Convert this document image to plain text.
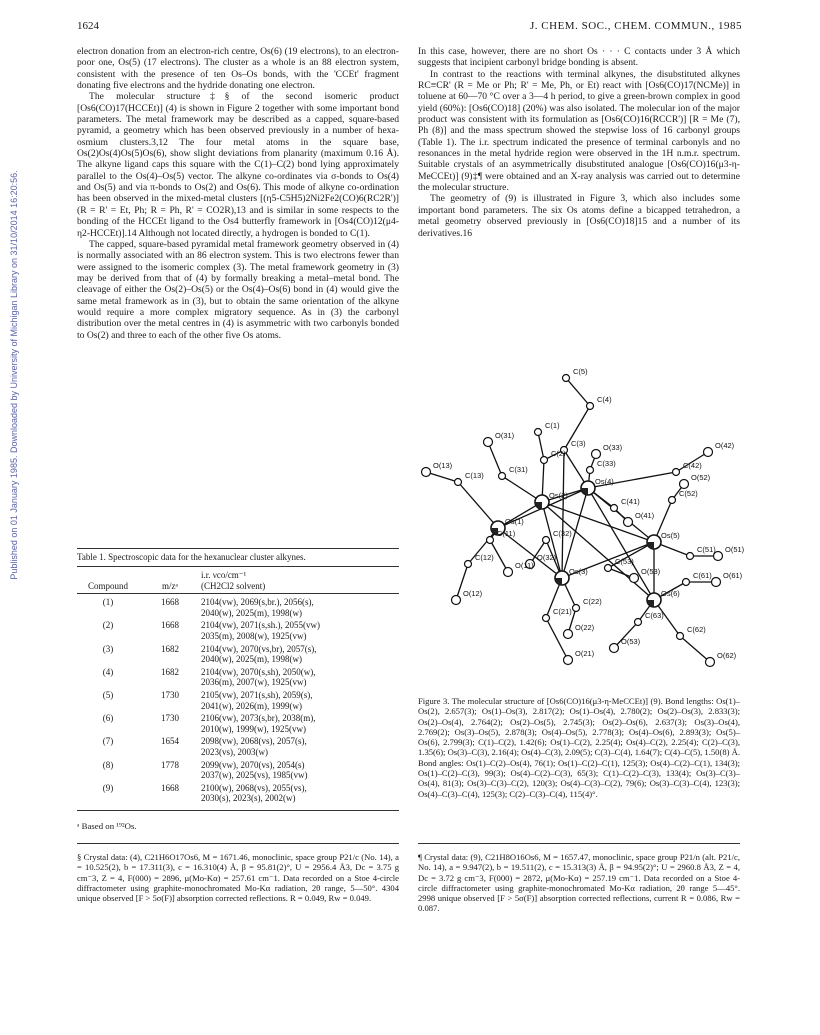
Published on 01 January 1985. Downloaded by University of Michigan Library on 31/10/2014 16:20:56.
1624	J. CHEM. SOC., CHEM. COMMUN., 1985

electron donation from an electron-rich centre, Os(6) (19 electrons), to an electron-poor one, Os(5) (17 electrons). The cluster as a whole is an 88 electron system, consistent with the presence of ten Os–Os bonds, with the 'CCEt' fragment donating five electrons and the hydride donating one electron.

The molecular structure‡§ of the second isomeric product [Os6(CO)17(HCCEt)] (4) is shown in Figure 2 together with some important bond parameters. The metal framework may be described as a capped, square-based pyramid, a geometry which has been observed previously in a number of hexa-osmium clusters.3,12 The four metal atoms in the square base, Os(2)Os(4)Os(5)Os(6), show slight deviations from planarity (maximum 0.16 Å). The alkyne ligand caps this square with the C(1)–C(2) bond lying approximately parallel to the Os(4)–Os(5) vector. The alkyne co-ordinates via σ-bonds to Os(4) and Os(5) and via π-bonds to Os(2) and Os(6). This mode of alkyne co-ordination has been observed in the mixed-metal clusters [(η5-C5H5)2Ni2Fe2(CO)6(RC2R')] (R = R' = Et, Ph; R = Ph, R' = CO2R),13 and is similar in some respects to the bonding of the HCCEt ligand to the Os4 butterfly framework in [Os4(CO)12(μ4-η2-HCCEt)].14 Although not located directly, a hydrogen is bonded to C(1).

The capped, square-based pyramidal metal framework geometry observed in (4) is normally associated with an 86 electron system. This is two electrons fewer than were assigned to the isomeric complex (3). The metal framework geometry in (3) may be derived from that of (4) by formally breaking a metal–metal bond. The cleavage of either the Os(2)–Os(5) or the Os(4)–Os(6) bond in (4) would give the same metal framework as in (3), but to obtain the same orientation of the alkyne would require a more complex migratory sequence. As in (3) the carbonyl distribution over the metal centres in (4) is asymmetric with two carbonyls bonded to Os(2) and three to each of the other five Os atoms.

Table 1. Spectroscopic data for the hexanuclear cluster alkynes.
i.r. νco/cm⁻¹
Compound	m/zᵃ	(CH2Cl2 solvent)
(1)	1668	2104(vw), 2069(s,br.), 2056(s),
2040(w), 2025(m), 1998(w)
(2)	1668	2104(vw), 2071(s,sh.), 2055(vw)
2035(m), 2008(w), 1925(vw)
(3)	1682	2104(vw), 2070(vs,br), 2057(s),
2040(w), 2025(m), 1998(w)
(4)	1682	2104(vw), 2070(s,sh), 2050(w),
2036(m), 2007(w), 1925(vw)
(5)	1730	2105(vw), 2071(s,sh), 2059(s),
2041(w), 2026(m), 1999(w)
(6)	1730	2106(vw), 2073(s,br), 2038(m),
2010(w), 1999(w), 1925(vw)
(7)	1654	2098(vw), 2068(vs), 2057(s),
2023(vs), 2003(w)
(8)	1778	2099(vw), 2070(vs), 2054(s)
2037(w), 2025(vs), 1985(vw)
(9)	1668	2100(w), 2068(vs), 2055(vs),
2030(s), 2023(s), 2002(w)
ᵃ Based on ¹⁹²Os.

In this case, however, there are no short Os · · · C contacts under 3 Å which suggests that incipient carbonyl bridge bonding is absent.

In contrast to the reactions with terminal alkynes, the disubstituted alkynes RC≡CR' (R = Me or Ph; R' = Me, Ph, or Et) react with [Os6(CO)17(NCMe)] in toluene at 60—70 °C over a 3—4 h period, to give a green-brown complex in good yield (60%): [Os6(CO)18] (20%) was also isolated. The molecular ion of the major product was consistent with its formulation as [Os6(CO)16(RCCR')] [R = Me (7), Ph (8)] and the mass spectrum showed the stepwise loss of 16 carbonyl groups (Table 1). The i.r. spectrum indicated the presence of terminal carbonyls and no resonances in the metal hydride region were observed in the 1H n.m.r. spectrum. Suitable crystals of an asymmetrically disubstituted analogue [Os6(CO)16(μ3-η-MeCCEt)] (9)‡¶ were obtained and an X-ray analysis was carried out to determine the molecular structure.

The geometry of (9) is illustrated in Figure 3, which also includes some important bond parameters. The six Os atoms define a bicapped tetrahedron, a metal geometry observed previously in [Os6(CO)18]15 and a number of its derivatives.16

C(5)
C(4)
C(1)
O(31)
C(3) O(33)	O(42)
C(2)
C(33)	C(42)
O(13)
C(13)
C(31)
Os(4)	O(52)
Os(2)
C(41)
C(52)
O(41)
Os(1)
Os(5)
C(11)	C(32)
C(51) O(51)
C(12)	O(32)	C(53)
O(11)
Os(3)	O(53)	C(61) O(61)
Os(6)
O(12)
C(22)
C(21)	C(63)
O(22)	C(62)
O(53)
O(21)	O(62)
Figure 3. The molecular structure of [Os6(CO)16(μ3-η-MeCCEt)] (9). Bond lengths: Os(1)–Os(2), 2.657(3); Os(1)–Os(3), 2.817(2); Os(1)–Os(4), 2.780(2); Os(2)–Os(3), 2.833(3); Os(2)–Os(4), 2.764(2); Os(2)–Os(5), 2.745(3); Os(2)–Os(6), 2.637(3); Os(3)–Os(4), 2.769(2); Os(3)–Os(5), 2.878(3); Os(4)–Os(5), 2.778(3); Os(4)–Os(6), 2.893(3); Os(5)–Os(6), 2.799(3); C(1)–C(2), 1.42(6); Os(1)–C(2), 2.25(4); Os(4)–C(2), 2.25(4); C(2)–C(3), 1.35(6); Os(3)–C(3), 2.16(4); Os(4)–C(3), 2.09(5); C(3)–C(4), 1.64(7); C(4)–C(5), 1.50(8) Å. Bond angles: Os(1)–C(2)–Os(4), 76(1); Os(1)–C(2)–C(1), 125(3); Os(4)–C(2)–C(1), 134(3); Os(1)–C(2)–C(3), 99(3); Os(4)–C(2)–C(3), 65(3); C(1)–C(2)–C(3), 133(4); Os(3)–C(3)–Os(4), 81(3); Os(3)–C(3)–C(2), 120(3); Os(4)–C(3)–C(2), 79(6); Os(3)–C(3)–C(4), 123(3); Os(4)–C(3)–C(4), 125(3); C(2)–C(3)–C(4), 115(4)°.
§ Crystal data: (4), C21H6O17Os6, M = 1671.46, monoclinic, space group P21/c (No. 14), a = 10.525(2), b = 17.311(3), c = 16.310(4) Å, β = 95.81(2)°, U = 2956.4 Å3, Dc = 3.75 g cm⁻3, Z = 4, F(000) = 2896, μ(Mo-Kα) = 257.61 cm⁻1. Data recorded on a Stoe 4-circle diffractometer using graphite-monochromated Mo-Kα radiation, 2θ range, 5—50°. 4304 unique observed [F > 5σ(F)] absorption corrected reflections. R = 0.049, Rw = 0.049.
¶ Crystal data: (9), C21H8O16Os6, M = 1657.47, monoclinic, space group P21/n (alt. P21/c, No. 14), a = 9.947(2), b = 19.511(2), c = 15.313(3) Å, β = 94.95(2)°; U = 2960.8 Å3, Z = 4, Dc = 3.72 g cm⁻3, F(000) = 2872, μ(Mo-Kα) = 257.19 cm⁻1. Data recorded on a Stoe 4-circle diffractometer using graphite-monochromated Mo-Kα radiation, 2θ range 5—45°. 2998 unique observed [F > 5σ(F)] absorption corrected reflections, current R = 0.086, Rw = 0.087.
